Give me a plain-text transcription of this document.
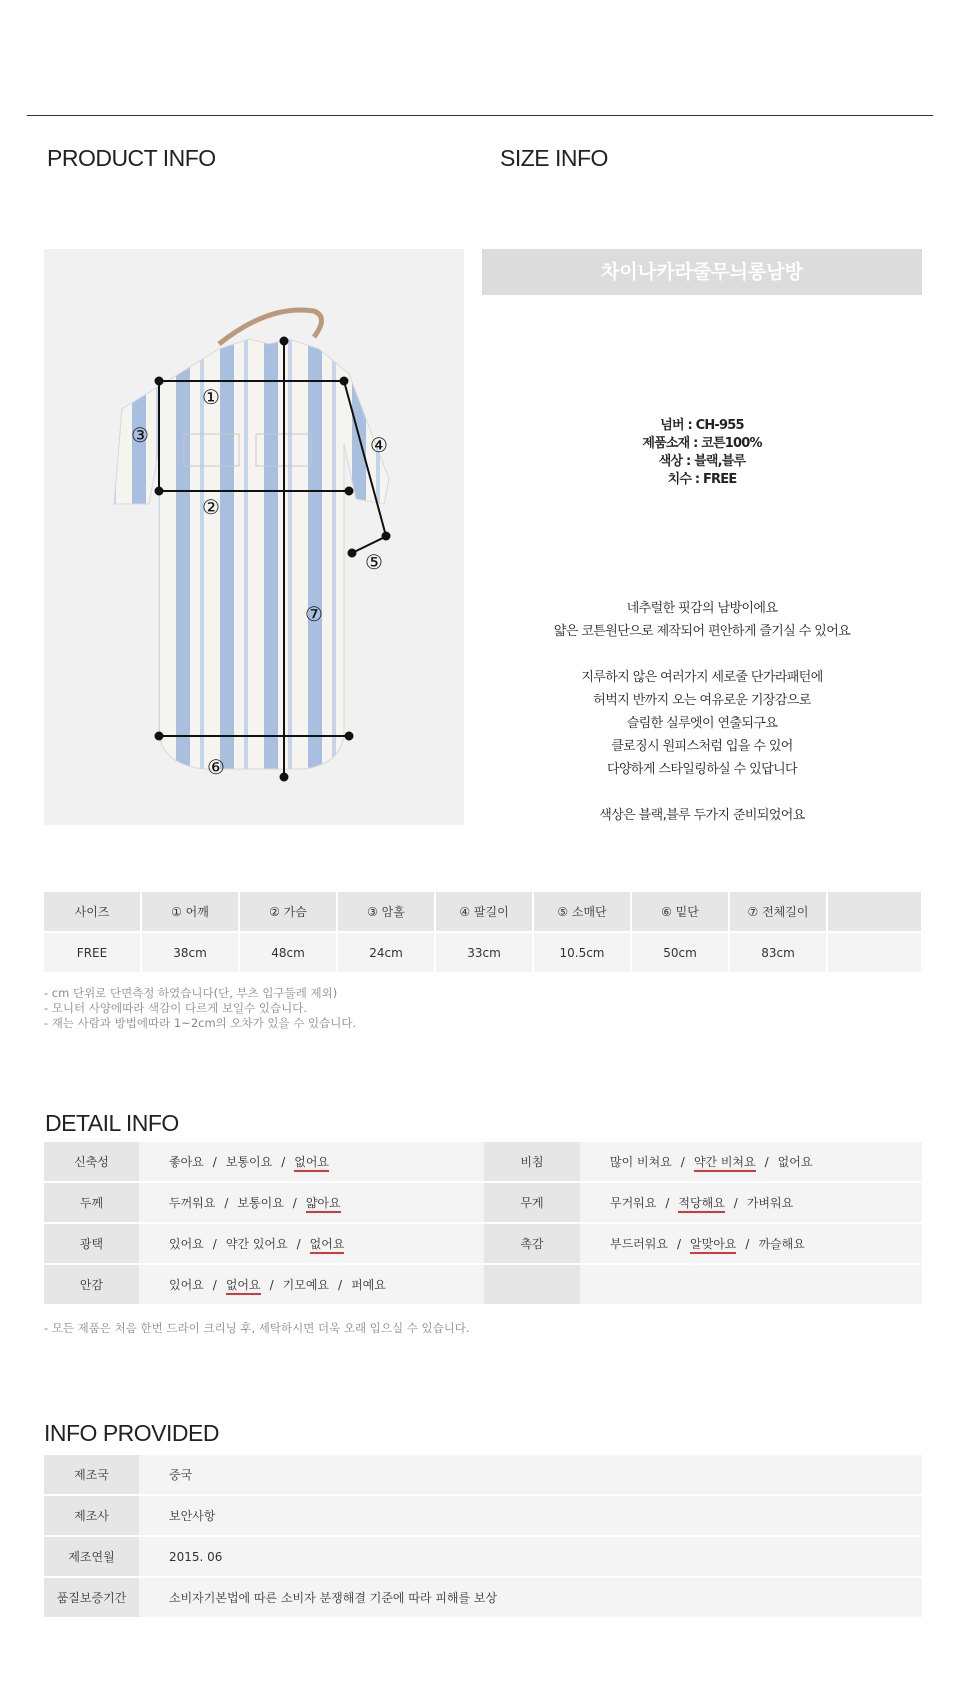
PRODUCT INFO	SIZE INFO
①
②
③	④
⑤
⑥
⑦
차이나카라줄무늬롱남방
넘버 : CH-955
제품소재 : 코튼100%
색상 : 블랙,블루
치수 : FREE
네추럴한 핏감의 남방이에요
얇은 코튼원단으로 제작되어 편안하게 즐기실 수 있어요
지루하지 않은 여러가지 세로줄 단가라패턴에
허벅지 반까지 오는 여유로운 기장감으로
슬림한 실루엣이 연출되구요
클로징시 원피스처럼 입을 수 있어
다양하게 스타일링하실 수 있답니다
색상은 블랙,블루 두가지 준비되었어요
사이즈	① 어깨	② 가슴	③ 암홀	④ 팔길이	⑤ 소매단	⑥ 밑단	⑦ 전체길이	
FREE	38cm	48cm	24cm	33cm	10.5cm	50cm	83cm	
- cm 단위로 단면측정 하였습니다(단, 부츠 입구둘레 제외)
- 모니터 사양에따라 색감이 다르게 보일수 있습니다.
- 재는 사람과 방법에따라 1~2cm의 오차가 있을 수 있습니다.
DETAIL INFO
신축성	좋아요 / 보통이요 / 없어요	비침	많이 비쳐요 / 약간 비쳐요 / 없어요
두께	두꺼워요 / 보통이요 / 얇아요	무게	무거워요 / 적당해요 / 가벼워요
광택	있어요 / 약간 있어요 / 없어요	촉감	부드러워요 / 알맞아요 / 까슬해요
안감	있어요 / 없어요 / 기모예요 / 퍼예요		
- 모든 제품은 처음 한번 드라이 크리닝 후, 세탁하시면 더욱 오래 입으실 수 있습니다.
INFO PROVIDED
제조국	중국
제조사	보안사항
제조연월	2015. 06
품질보증기간	소비자기본법에 따른 소비자 분쟁해결 기준에 따라 피해를 보상
